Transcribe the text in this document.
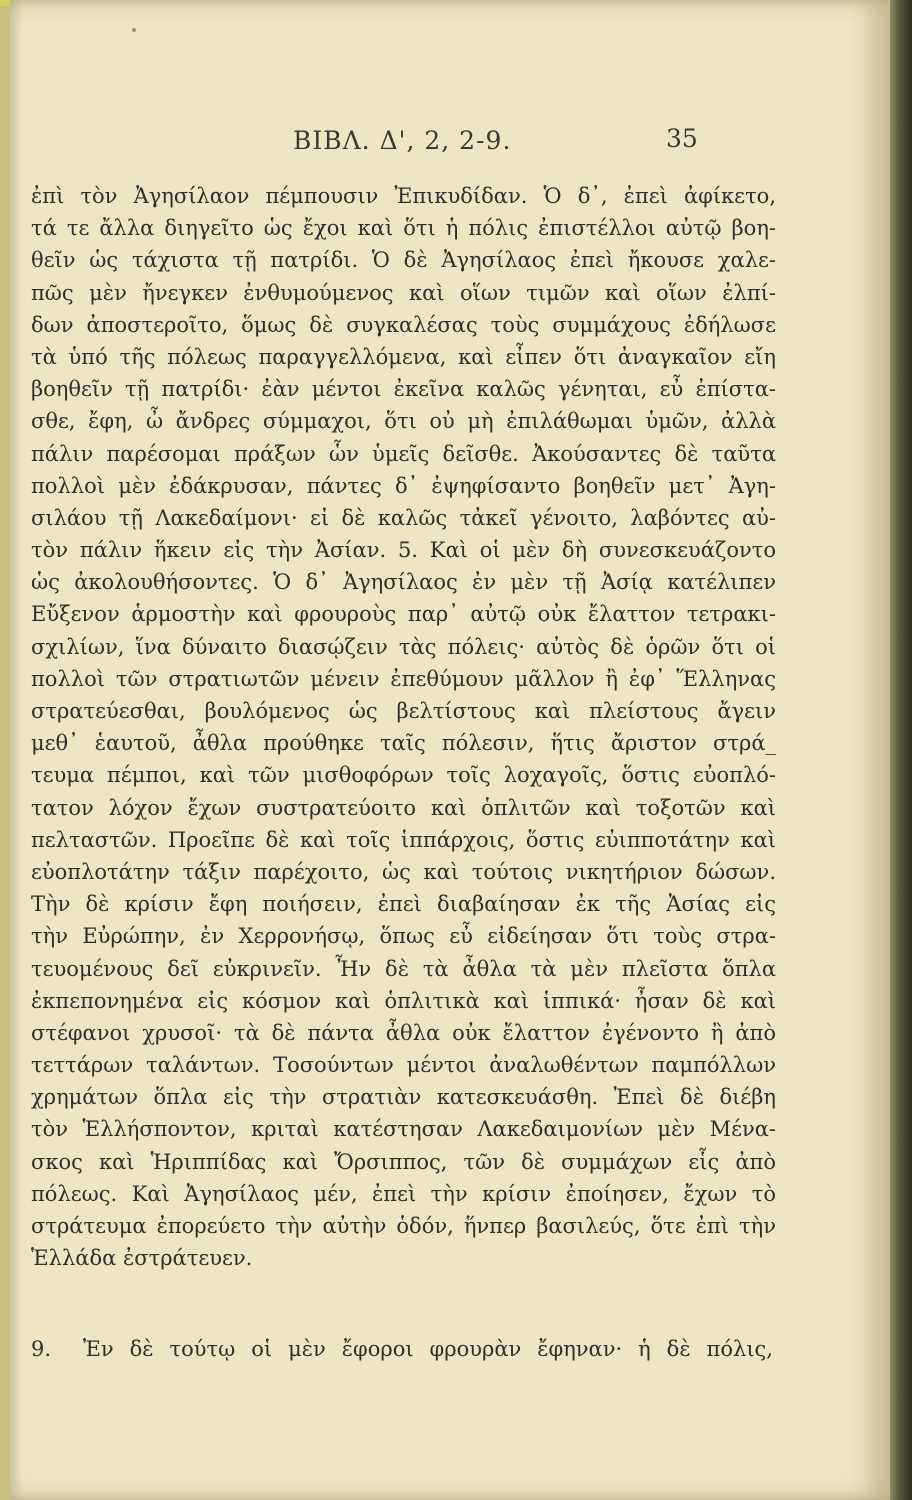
ΒΙΒΛ. Δ', 2, 2-9.	35
ἐπὶ τὸν Ἀγησίλαον πέμπουσιν Ἐπικυδίδαν. Ὁ δ᾽, ἐπεὶ ἀφίκετο,
τά τε ἄλλα διηγεῖτο ὡς ἔχοι καὶ ὅτι ἡ πόλις ἐπιστέλλοι αὐτῷ βοη-
θεῖν ὡς τάχιστα τῇ πατρίδι. Ὁ δὲ Ἀγησίλαος ἐπεὶ ἤκουσε χαλε-
πῶς μὲν ἤνεγκεν ἐνθυμούμενος καὶ οἵων τιμῶν καὶ οἵων ἐλπί-
δων ἀποστεροῖτο, ὅμως δὲ συγκαλέσας τοὺς συμμάχους ἐδήλωσε
τὰ ὑπό τῆς πόλεως παραγγελλόμενα, καὶ εἶπεν ὅτι ἀναγκαῖον εἴη
βοηθεῖν τῇ πατρίδι· ἐὰν μέντοι ἐκεῖνα καλῶς γένηται, εὖ ἐπίστα-
σθε, ἔφη, ὦ ἄνδρες σύμμαχοι, ὅτι οὐ μὴ ἐπιλάθωμαι ὑμῶν, ἀλλὰ
πάλιν παρέσομαι πράξων ὧν ὑμεῖς δεῖσθε. Ἀκούσαντες δὲ ταῦτα
πολλοὶ μὲν ἐδάκρυσαν, πάντες δ᾽ ἐψηφίσαντο βοηθεῖν μετ᾽ Ἀγη-
σιλάου τῇ Λακεδαίμονι· εἰ δὲ καλῶς τἀκεῖ γένοιτο, λαβόντες αὐ-
τὸν πάλιν ἥκειν εἰς τὴν Ἀσίαν. 5. Καὶ οἱ μὲν δὴ συνεσκευάζοντο
ὡς ἀκολουθήσοντες. Ὁ δ᾽ Ἀγησίλαος ἐν μὲν τῇ Ἀσίᾳ κατέλιπεν
Εὔξενον ἁρμοστὴν καὶ φρουροὺς παρ᾽ αὐτῷ οὐκ ἔλαττον τετρακι-
σχιλίων, ἵνα δύναιτο διασῴζειν τὰς πόλεις· αὐτὸς δὲ ὁρῶν ὅτι οἱ
πολλοὶ τῶν στρατιωτῶν μένειν ἐπεθύμουν μᾶλλον ἢ ἐφ᾽ Ἕλληνας
στρατεύεσθαι, βουλόμενος ὡς βελτίστους καὶ πλείστους ἄγειν
μεθ᾽ ἑαυτοῦ, ἆθλα προύθηκε ταῖς πόλεσιν, ἥτις ἄριστον στρά_
τευμα πέμποι, καὶ τῶν μισθοφόρων τοῖς λοχαγοῖς, ὅστις εὐοπλό-
τατον λόχον ἔχων συστρατεύοιτο καὶ ὁπλιτῶν καὶ τοξοτῶν καὶ
πελταστῶν. Προεῖπε δὲ καὶ τοῖς ἱππάρχοις, ὅστις εὐιπποτάτην καὶ
εὐοπλοτάτην τάξιν παρέχοιτο, ὡς καὶ τούτοις νικητήριον δώσων.
Τὴν δὲ κρίσιν ἔφη ποιήσειν, ἐπεὶ διαβαίησαν ἐκ τῆς Ἀσίας εἰς
τὴν Εὐρώπην, ἐν Χερρονήσῳ, ὅπως εὖ εἰδείησαν ὅτι τοὺς στρα-
τευομένους δεῖ εὐκρινεῖν. Ἦν δὲ τὰ ἆθλα τὰ μὲν πλεῖστα ὅπλα
ἐκπεπονημένα εἰς κόσμον καὶ ὁπλιτικὰ καὶ ἱππικά· ἦσαν δὲ καὶ
στέφανοι χρυσοῖ· τὰ δὲ πάντα ἆθλα οὐκ ἔλαττον ἐγένοντο ἢ ἀπὸ
τεττάρων ταλάντων. Τοσούντων μέντοι ἀναλωθέντων παμπόλλων
χρημάτων ὅπλα εἰς τὴν στρατιὰν κατεσκευάσθη. Ἐπεὶ δὲ διέβη
τὸν Ἑλλήσποντον, κριταὶ κατέστησαν Λακεδαιμονίων μὲν Μένα-
σκος καὶ Ἡριππίδας καὶ Ὄρσιππος, τῶν δὲ συμμάχων εἷς ἀπὸ
πόλεως. Καὶ Ἀγησίλαος μέν, ἐπεὶ τὴν κρίσιν ἐποίησεν, ἔχων τὸ
στράτευμα ἐπορεύετο τὴν αὐτὴν ὁδόν, ἥνπερ βασιλεύς, ὅτε ἐπὶ τὴν
Ἑλλάδα ἐστράτευεν.
9. Ἐν δὲ τούτῳ οἱ μὲν ἔφοροι φρουρὰν ἔφηναν· ἡ δὲ πόλις,
